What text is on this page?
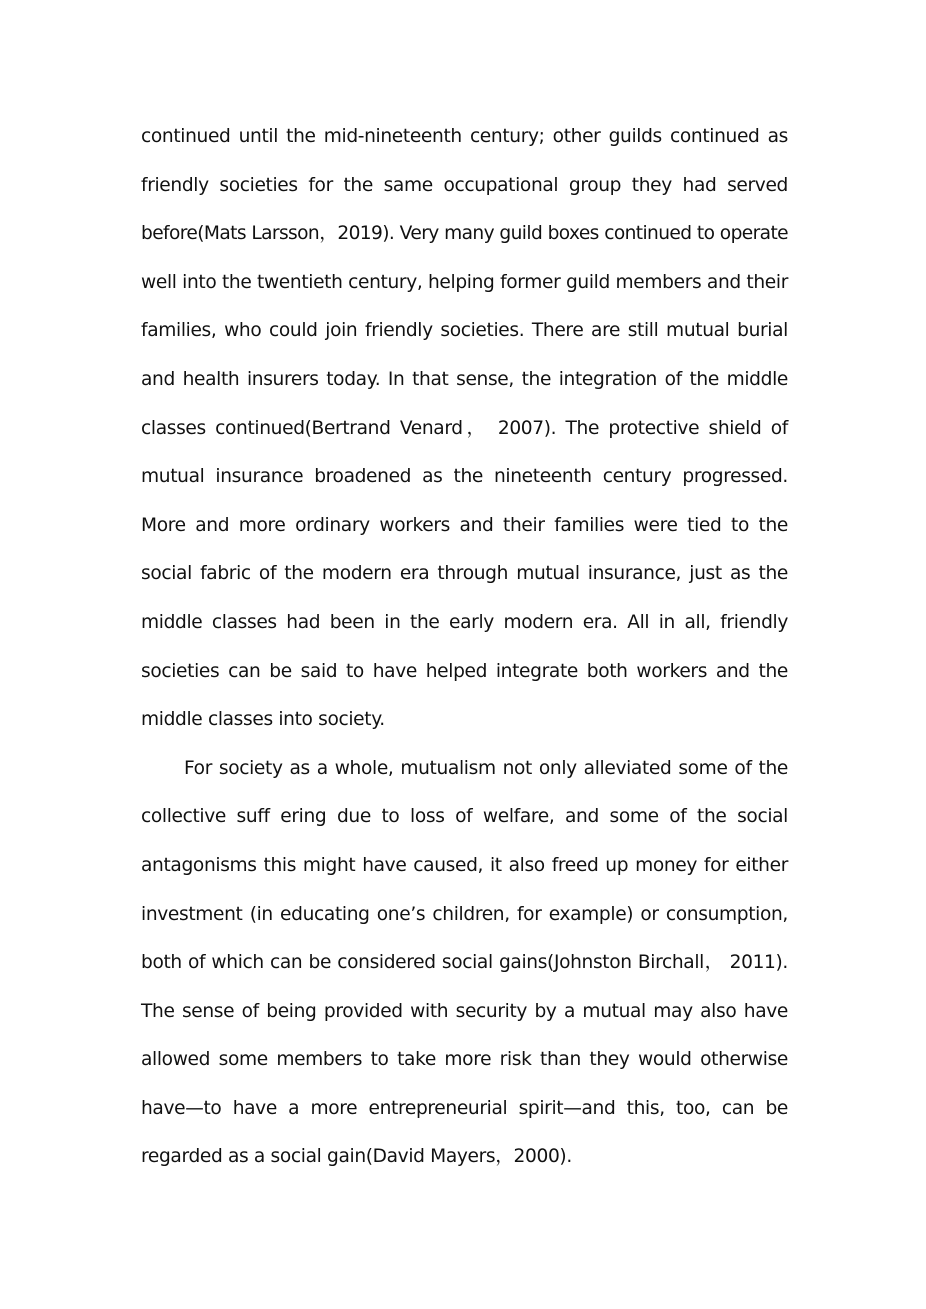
continued until the mid-nineteenth century; other guilds continued as
friendly societies for the same occupational group they had served
before(Mats Larsson，2019). Very many guild boxes continued to operate
well into the twentieth century, helping former guild members and their
families, who could join friendly societies. There are still mutual burial
and health insurers today. In that sense, the integration of the middle
classes continued(Bertrand Venard， 2007). The protective shield of
mutual insurance broadened as the nineteenth century progressed.
More and more ordinary workers and their families were tied to the
social fabric of the modern era through mutual insurance, just as the
middle classes had been in the early modern era. All in all, friendly
societies can be said to have helped integrate both workers and the
middle classes into society.

For society as a whole, mutualism not only alleviated some of the
collective suff ering due to loss of welfare, and some of the social
antagonisms this might have caused, it also freed up money for either
investment (in educating one’s children, for example) or consumption,
both of which can be considered social gains(Johnston Birchall， 2011).
The sense of being provided with security by a mutual may also have
allowed some members to take more risk than they would otherwise
have—to have a more entrepreneurial spirit—and this, too, can be
regarded as a social gain(David Mayers，2000).
